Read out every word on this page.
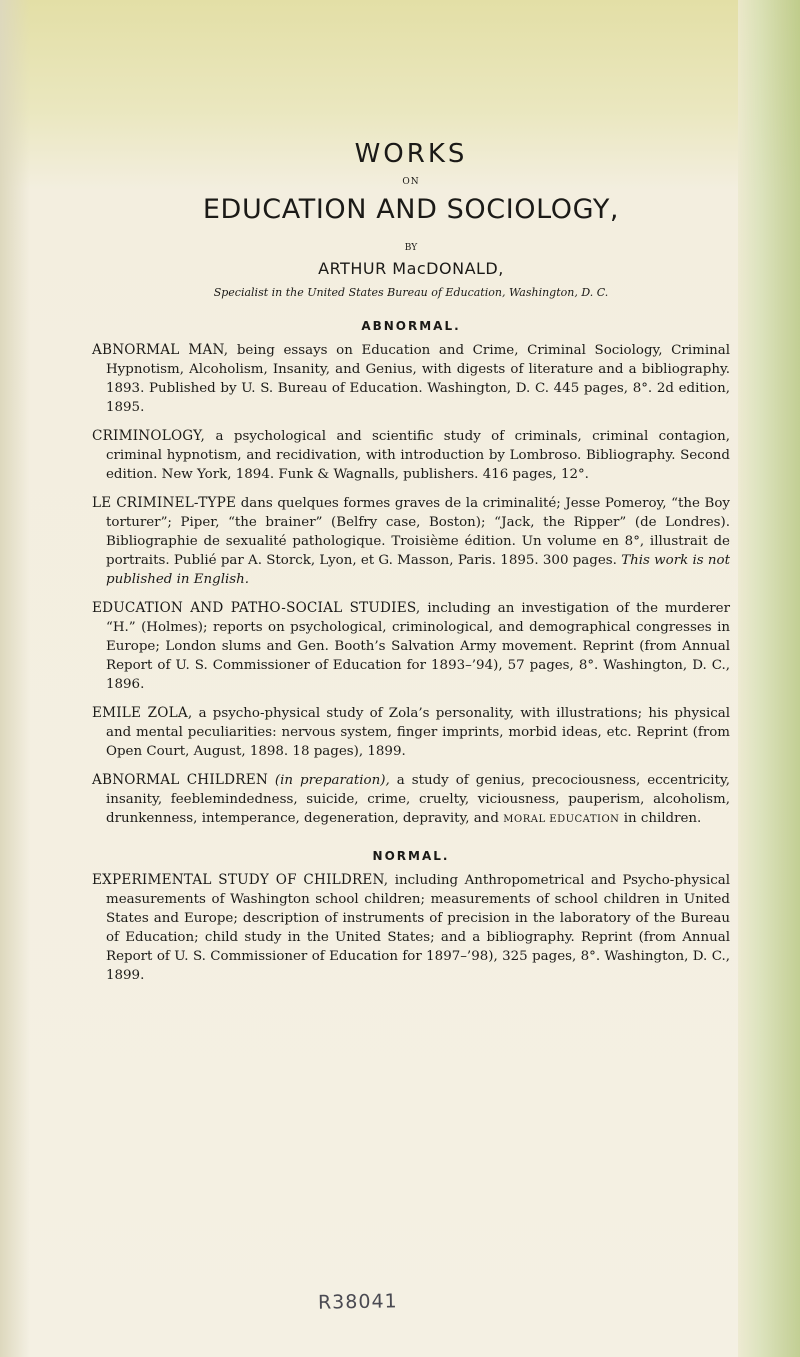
WORKS

ON

EDUCATION AND SOCIOLOGY,

BY

ARTHUR MacDONALD,

Specialist in the United States Bureau of Education, Washington, D. C.

ABNORMAL.

ABNORMAL MAN, being essays on Education and Crime, Criminal Sociology, Criminal Hypnotism, Alcoholism, Insanity, and Genius, with digests of literature and a bibliography. 1893. Published by U. S. Bureau of Education. Washington, D. C. 445 pages, 8°. 2d edition, 1895.

CRIMINOLOGY, a psychological and scientific study of criminals, criminal contagion, criminal hypnotism, and recidivation, with introduction by Lombroso. Bibliography. Second edition. New York, 1894. Funk & Wagnalls, publishers. 416 pages, 12°.

LE CRIMINEL-TYPE dans quelques formes graves de la criminalité; Jesse Pomeroy, “the Boy torturer”; Piper, “the brainer” (Belfry case, Boston); “Jack, the Ripper” (de Londres). Bibliographie de sexualité pathologique. Troisième édition. Un volume en 8°, illustrait de portraits. Publié par A. Storck, Lyon, et G. Masson, Paris. 1895. 300 pages. This work is not published in English.

EDUCATION AND PATHO-SOCIAL STUDIES, including an investigation of the murderer “H.” (Holmes); reports on psychological, criminological, and demographical congresses in Europe; London slums and Gen. Booth’s Salvation Army movement. Reprint (from Annual Report of U. S. Commissioner of Education for 1893–’94), 57 pages, 8°. Washington, D. C., 1896.

EMILE ZOLA, a psycho-physical study of Zola’s personality, with illustrations; his physical and mental peculiarities: nervous system, finger imprints, morbid ideas, etc. Reprint (from Open Court, August, 1898. 18 pages), 1899.

ABNORMAL CHILDREN (in preparation), a study of genius, precociousness, eccentricity, insanity, feeblemindedness, suicide, crime, cruelty, viciousness, pauperism, alcoholism, drunkenness, intemperance, degeneration, depravity, and MORAL EDUCATION in children.

NORMAL.

EXPERIMENTAL STUDY OF CHILDREN, including Anthropometrical and Psycho-physical measurements of Washington school children; measurements of school children in United States and Europe; description of instruments of precision in the laboratory of the Bureau of Education; child study in the United States; and a bibliography. Reprint (from Annual Report of U. S. Commissioner of Education for 1897–’98), 325 pages, 8°. Washington, D. C., 1899.

R38041
